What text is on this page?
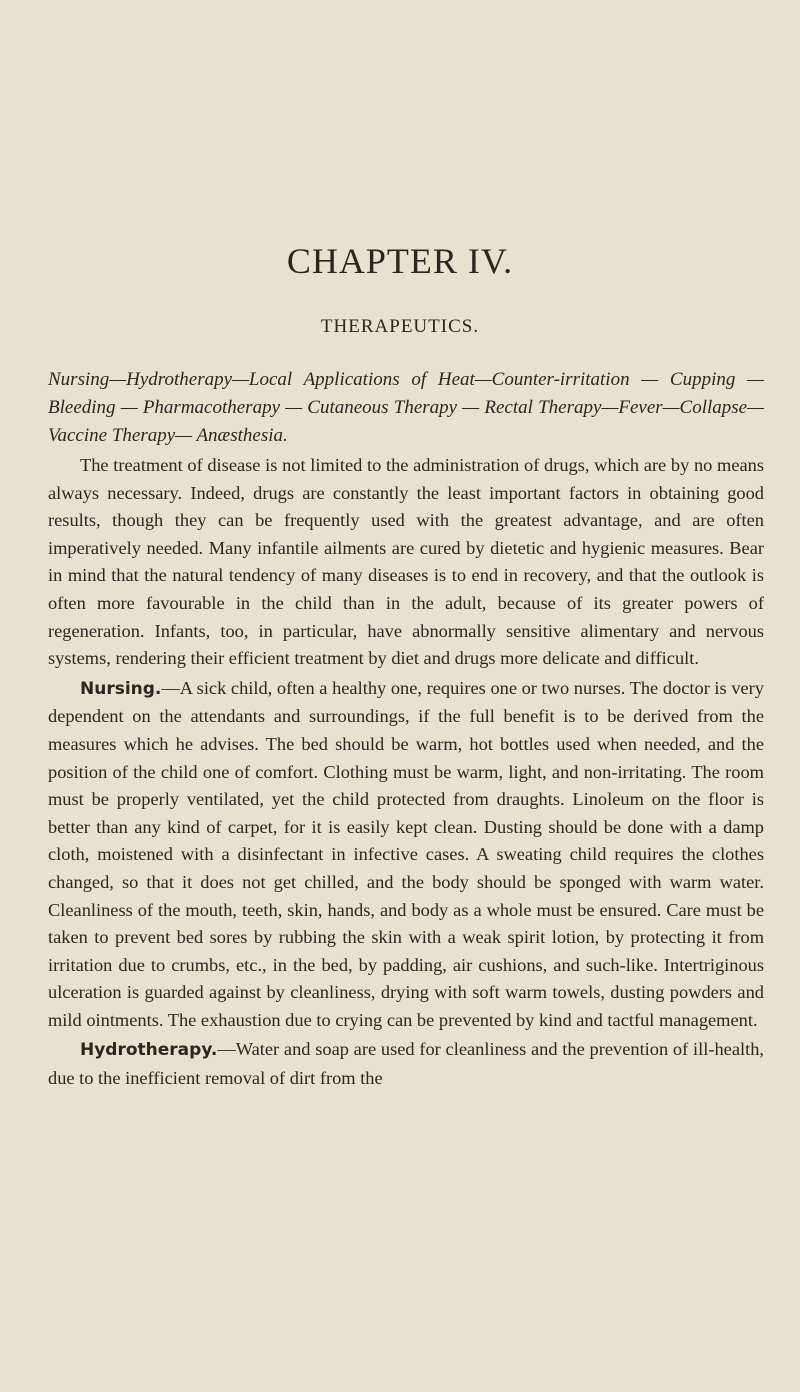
CHAPTER IV.
THERAPEUTICS.

Nursing—Hydrotherapy—Local Applications of Heat—Counter-irritation — Cupping — Bleeding — Pharmacotherapy — Cutaneous Therapy — Rectal Therapy—Fever—Collapse— Vaccine Therapy— Anæsthesia.

The treatment of disease is not limited to the administration of drugs, which are by no means always necessary. Indeed, drugs are constantly the least important factors in obtaining good results, though they can be frequently used with the greatest advantage, and are often imperatively needed. Many infantile ailments are cured by dietetic and hygienic measures. Bear in mind that the natural tendency of many diseases is to end in recovery, and that the outlook is often more favourable in the child than in the adult, because of its greater powers of regeneration. Infants, too, in particular, have abnormally sensitive alimentary and nervous systems, rendering their efficient treatment by diet and drugs more delicate and difficult.

Nursing.—A sick child, often a healthy one, requires one or two nurses. The doctor is very dependent on the attendants and surroundings, if the full benefit is to be derived from the measures which he advises. The bed should be warm, hot bottles used when needed, and the position of the child one of comfort. Clothing must be warm, light, and non-irritating. The room must be properly ventilated, yet the child protected from draughts. Linoleum on the floor is better than any kind of carpet, for it is easily kept clean. Dusting should be done with a damp cloth, moistened with a disinfectant in infective cases. A sweating child requires the clothes changed, so that it does not get chilled, and the body should be sponged with warm water. Cleanliness of the mouth, teeth, skin, hands, and body as a whole must be ensured. Care must be taken to prevent bed sores by rubbing the skin with a weak spirit lotion, by protecting it from irritation due to crumbs, etc., in the bed, by padding, air cushions, and such-like. Intertriginous ulceration is guarded against by cleanliness, drying with soft warm towels, dusting powders and mild ointments. The exhaustion due to crying can be prevented by kind and tactful management.

Hydrotherapy.—Water and soap are used for cleanliness and the prevention of ill-health, due to the inefficient removal of dirt from the
